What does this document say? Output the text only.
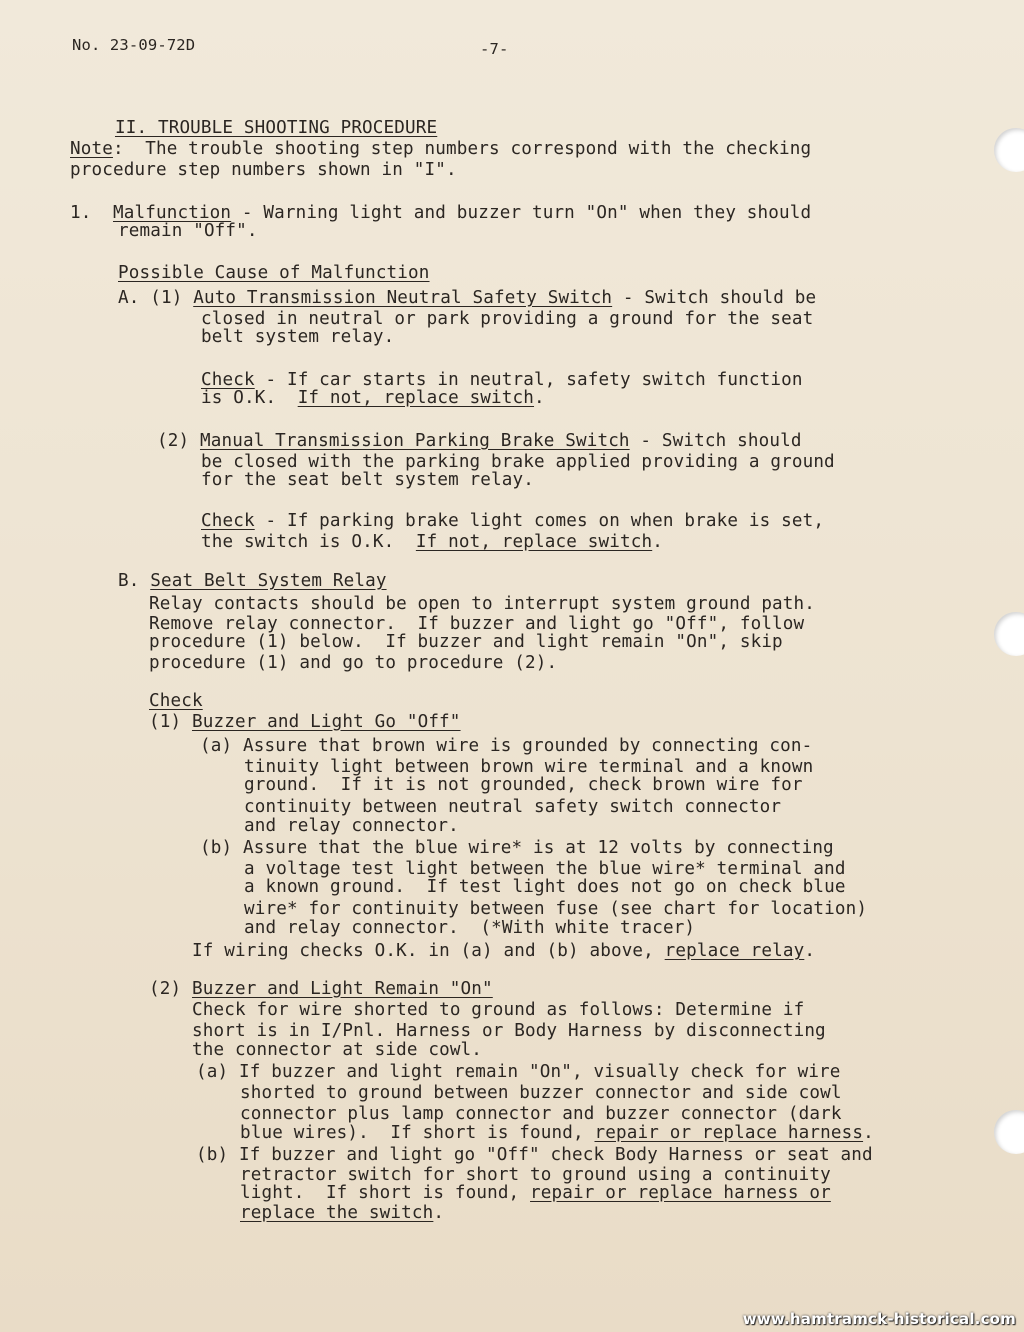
No. 23-09-72D	-7-

II. TROUBLE SHOOTING PROCEDURE

Note:  The trouble shooting step numbers correspond with the checking
procedure step numbers shown in "I".
1. Malfunction - Warning light and buzzer turn "On" when they should
remain "Off".
Possible Cause of Malfunction
A. (1) Auto Transmission Neutral Safety Switch - Switch should be
closed in neutral or park providing a ground for the seat
belt system relay.
Check - If car starts in neutral, safety switch function
is O.K.  If not, replace switch.
(2) Manual Transmission Parking Brake Switch - Switch should
be closed with the parking brake applied providing a ground
for the seat belt system relay.
Check - If parking brake light comes on when brake is set,
the switch is O.K.  If not, replace switch.
B. Seat Belt System Relay
Relay contacts should be open to interrupt system ground path.
Remove relay connector.  If buzzer and light go "Off", follow
procedure (1) below.  If buzzer and light remain "On", skip
procedure (1) and go to procedure (2).
Check
(1) Buzzer and Light Go "Off"
(a) Assure that brown wire is grounded by connecting con-
tinuity light between brown wire terminal and a known
ground.  If it is not grounded, check brown wire for
continuity between neutral safety switch connector
and relay connector.
(b) Assure that the blue wire* is at 12 volts by connecting
a voltage test light between the blue wire* terminal and
a known ground.  If test light does not go on check blue
wire* for continuity between fuse (see chart for location)
and relay connector.  (*With white tracer)
If wiring checks O.K. in (a) and (b) above, replace relay.
(2) Buzzer and Light Remain "On"
Check for wire shorted to ground as follows: Determine if
short is in I/Pnl. Harness or Body Harness by disconnecting
the connector at side cowl.
(a) If buzzer and light remain "On", visually check for wire
shorted to ground between buzzer connector and side cowl
connector plus lamp connector and buzzer connector (dark
blue wires).  If short is found, repair or replace harness.
(b) If buzzer and light go "Off" check Body Harness or seat and
retractor switch for short to ground using a continuity
light.  If short is found, repair or replace harness or
replace the switch.
www.hamtramck-historical.com
